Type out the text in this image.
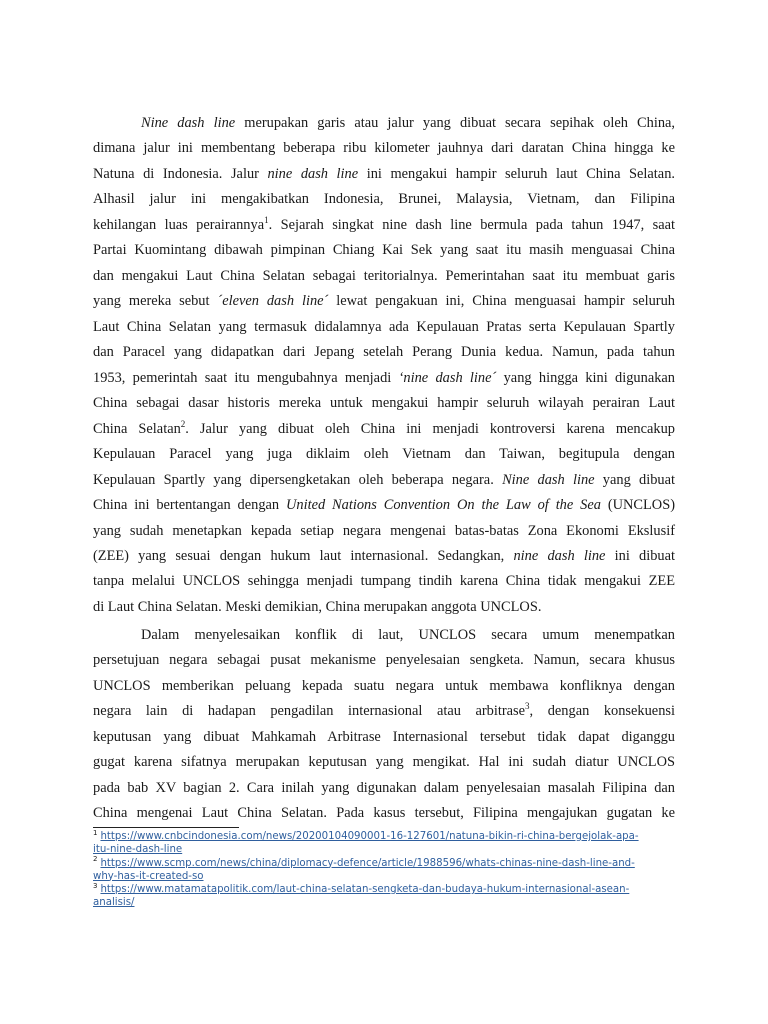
Nine dash line merupakan garis atau jalur yang dibuat secara sepihak oleh China,
dimana jalur ini membentang beberapa ribu kilometer jauhnya dari daratan China hingga ke
Natuna di Indonesia. Jalur nine dash line ini mengakui hampir seluruh laut China Selatan.
Alhasil jalur ini mengakibatkan Indonesia, Brunei, Malaysia, Vietnam, dan Filipina
kehilangan luas perairannya$^1$. Sejarah singkat nine dash line bermula pada tahun 1947, saat
Partai Kuomintang dibawah pimpinan Chiang Kai Sek yang saat itu masih menguasai China
dan mengakui Laut China Selatan sebagai teritorialnya. Pemerintahan saat itu membuat garis
yang mereka sebut ´eleven dash line´ lewat pengakuan ini, China menguasai hampir seluruh
Laut China Selatan yang termasuk didalamnya ada Kepulauan Pratas serta Kepulauan Spartly
dan Paracel yang didapatkan dari Jepang setelah Perang Dunia kedua. Namun, pada tahun
1953, pemerintah saat itu mengubahnya menjadi ‘nine dash line´ yang hingga kini digunakan
China sebagai dasar historis mereka untuk mengakui hampir seluruh wilayah perairan Laut
China Selatan$^2$. Jalur yang dibuat oleh China ini menjadi kontroversi karena mencakup
Kepulauan Paracel yang juga diklaim oleh Vietnam dan Taiwan, begitupula dengan
Kepulauan Spartly yang dipersengketakan oleh beberapa negara. Nine dash line yang dibuat
China ini bertentangan dengan United Nations Convention On the Law of the Sea (UNCLOS)
yang sudah menetapkan kepada setiap negara mengenai batas-batas Zona Ekonomi Ekslusif
(ZEE) yang sesuai dengan hukum laut internasional. Sedangkan, nine dash line ini dibuat
tanpa melalui UNCLOS sehingga menjadi tumpang tindih karena China tidak mengakui ZEE
di Laut China Selatan. Meski demikian, China merupakan anggota UNCLOS.
Dalam menyelesaikan konflik di laut, UNCLOS secara umum menempatkan
persetujuan negara sebagai pusat mekanisme penyelesaian sengketa. Namun, secara khusus
UNCLOS memberikan peluang kepada suatu negara untuk membawa konfliknya dengan
negara lain di hadapan pengadilan internasional atau arbitrase$^3$, dengan konsekuensi
keputusan yang dibuat Mahkamah Arbitrase Internasional tersebut tidak dapat diganggu
gugat karena sifatnya merupakan keputusan yang mengikat. Hal ini sudah diatur UNCLOS
pada bab XV bagian 2. Cara inilah yang digunakan dalam penyelesaian masalah Filipina dan
China mengenai Laut China Selatan. Pada kasus tersebut, Filipina mengajukan gugatan ke
$^1$ https://www.cnbcindonesia.com/news/20200104090001-16-127601/natuna-bikin-ri-china-bergejolak-apa-
itu-nine-dash-line
$^2$ https://www.scmp.com/news/china/diplomacy-defence/article/1988596/whats-chinas-nine-dash-line-and-
why-has-it-created-so
$^3$ https://www.matamatapolitik.com/laut-china-selatan-sengketa-dan-budaya-hukum-internasional-asean-
analisis/
